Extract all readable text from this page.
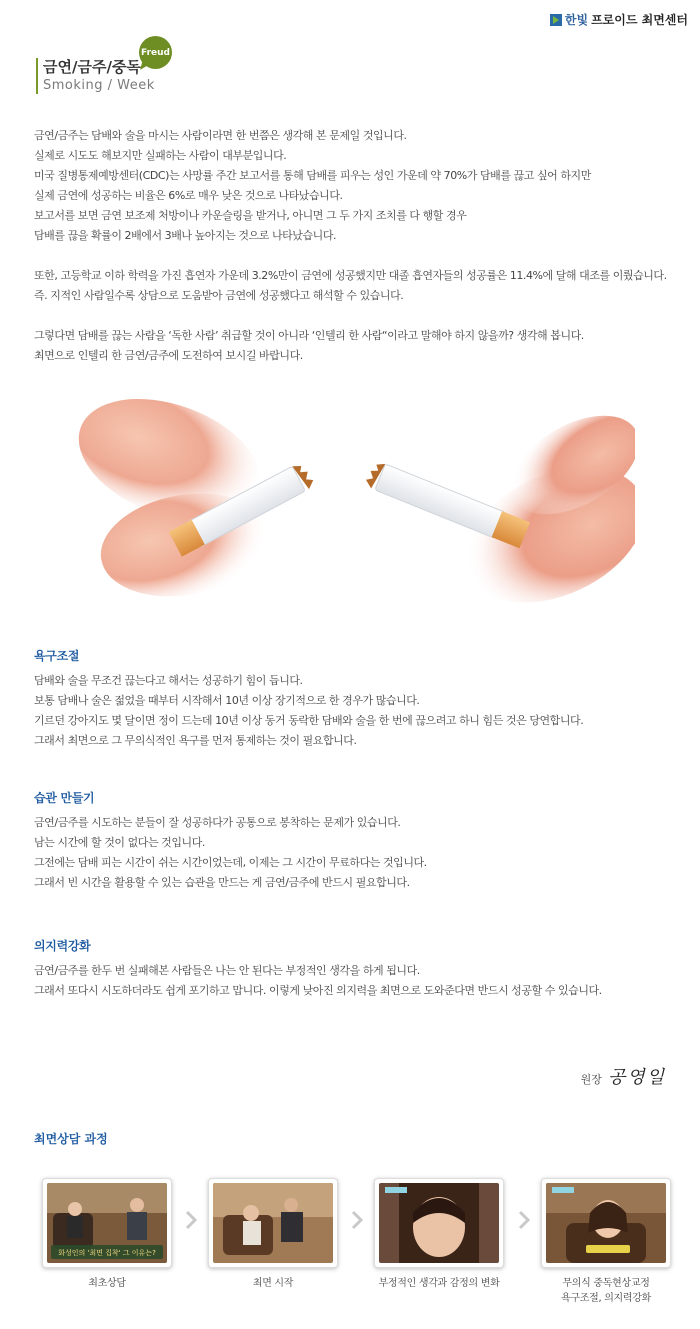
한빛 프로이드 최면센터
금연/금주/중독
Smoking / Week
Freud
금연/금주는 담배와 술을 마시는 사람이라면 한 번쯤은 생각해 본 문제일 것입니다.
실제로 시도도 해보지만 실패하는 사람이 대부분입니다.
미국 질병통제예방센터(CDC)는 사망률 주간 보고서를 통해 담배를 피우는 성인 가운데 약 70%가 담배를 끊고 싶어 하지만
실제 금연에 성공하는 비율은 6%로 매우 낮은 것으로 나타났습니다.
보고서를 보면 금연 보조제 처방이나 카운슬링을 받거나, 아니면 그 두 가지 조치를 다 행할 경우
담배를 끊을 확률이 2배에서 3배나 높아지는 것으로 나타났습니다.
또한, 고등학교 이하 학력을 가진 흡연자 가운데 3.2%만이 금연에 성공했지만 대졸 흡연자들의 성공률은 11.4%에 달해 대조를 이뤘습니다.
즉. 지적인 사람일수록 상담으로 도움받아 금연에 성공했다고 해석할 수 있습니다.
그렇다면 담배를 끊는 사람을 ‘독한 사람’ 취급할 것이 아니라 ‘인텔리 한 사람“이라고 말해야 하지 않을까? 생각해 봅니다.
최면으로 인텔리 한 금연/금주에 도전하여 보시길 바랍니다.
욕구조절
담배와 술을 무조건 끊는다고 해서는 성공하기 힘이 듭니다.
보통 담배나 술은 젊었을 때부터 시작해서 10년 이상 장기적으로 한 경우가 많습니다.
기르던 강아지도 몇 달이면 정이 드는데 10년 이상 동거 동락한 담배와 술을 한 번에 끊으려고 하니 힘든 것은 당연합니다.
그래서 최면으로 그 무의식적인 욕구를 먼저 통제하는 것이 필요합니다.
습관 만들기
금연/금주를 시도하는 분들이 잘 성공하다가 공통으로 봉착하는 문제가 있습니다.
남는 시간에 할 것이 없다는 것입니다.
그전에는 담배 피는 시간이 쉬는 시간이었는데, 이제는 그 시간이 무료하다는 것입니다.
그래서 빈 시간을 활용할 수 있는 습관을 만드는 게 금연/금주에 반드시 필요합니다.
의지력강화
금연/금주를 한두 번 실패해본 사람들은 나는 안 된다는 부정적인 생각을 하게 됩니다.
그래서 또다시 시도하더라도 쉽게 포기하고 맙니다. 이렇게 낮아진 의지력을 최면으로 도와준다면 반드시 성공할 수 있습니다.
원장 공영일
최면상담 과정
화성인의 '최면 집착' 그 이유는?
최초상담	최면 시작	부정적인 생각과 감정의 변화	무의식 중독현상교정
욕구조절, 의지력강화
